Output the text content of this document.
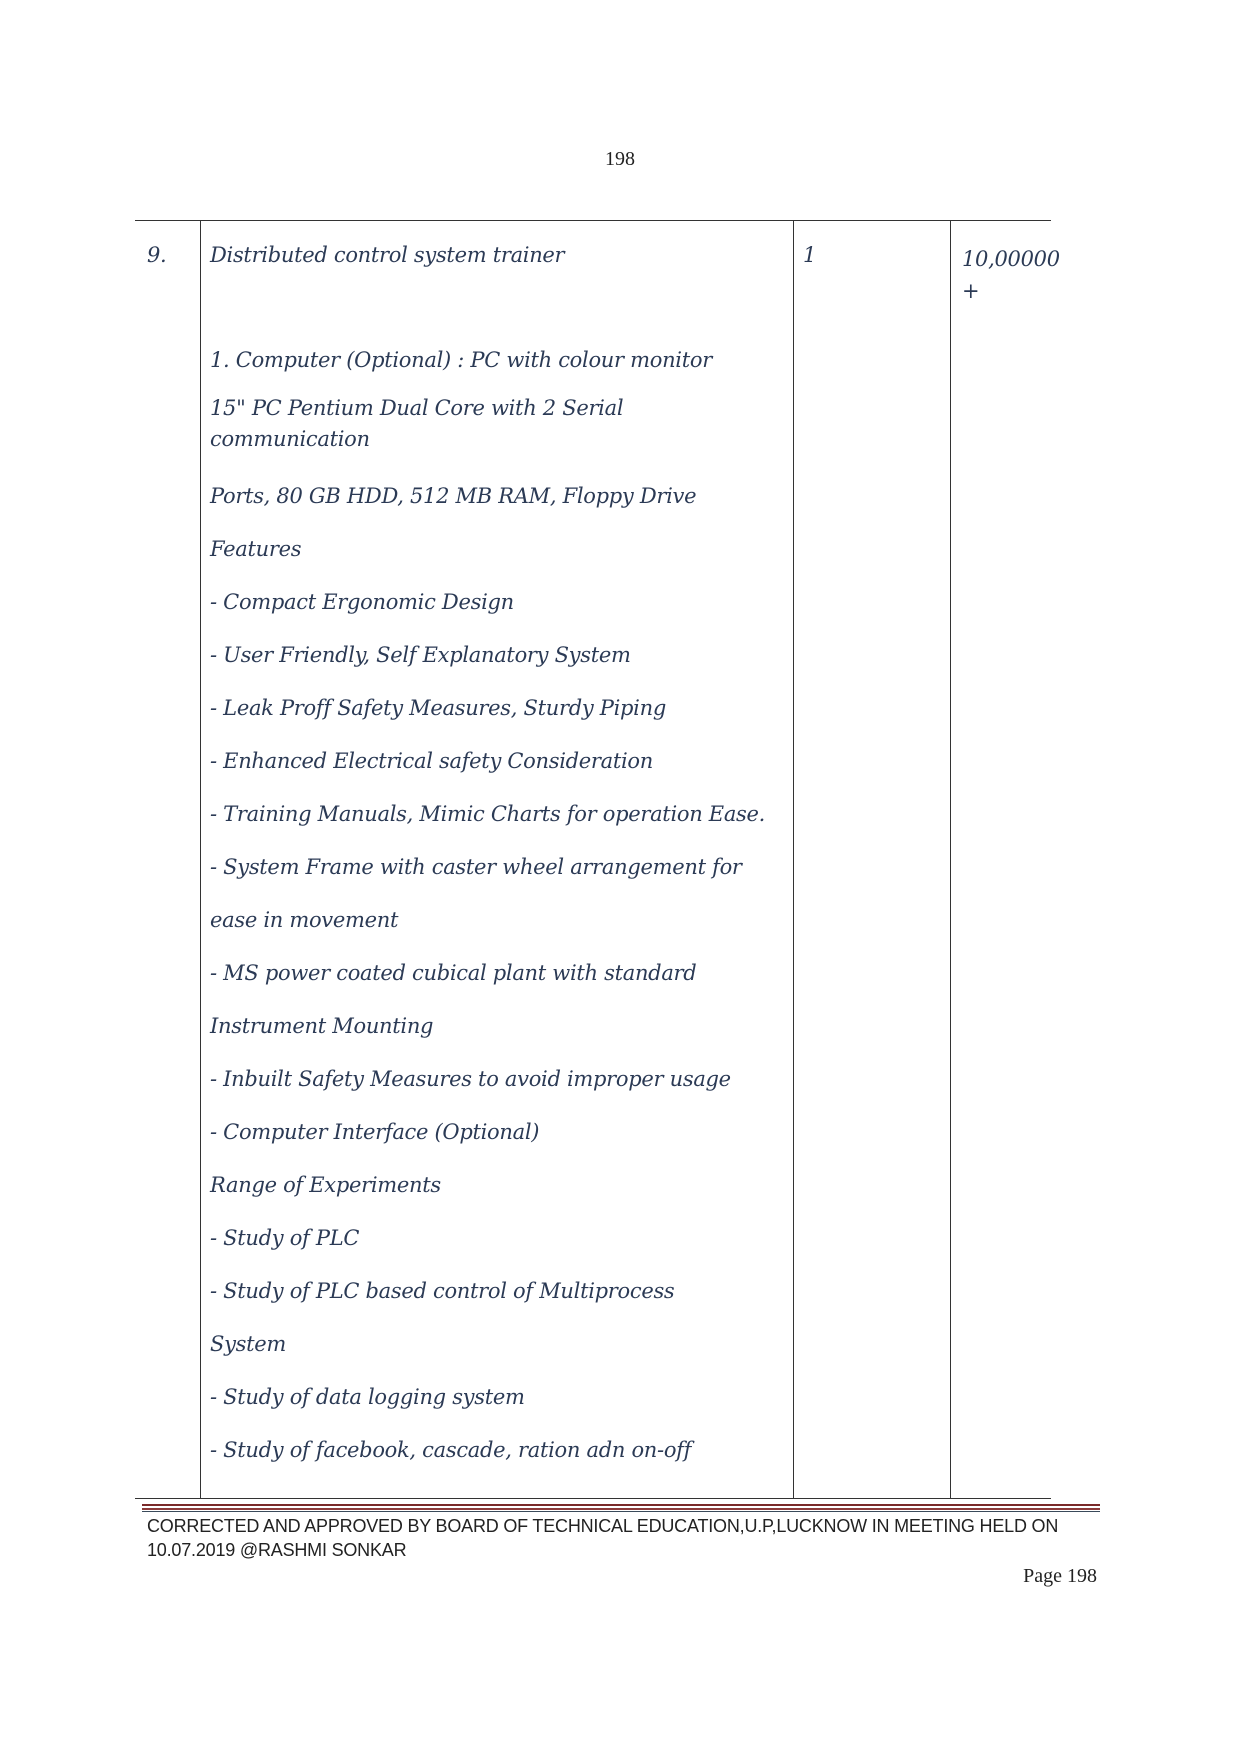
198
9. Distributed control system trainer
1. Computer (Optional) : PC with colour monitor
15" PC Pentium Dual Core with 2 Serial communication
Ports, 80 GB HDD, 512 MB RAM, Floppy Drive
Features
- Compact Ergonomic Design
- User Friendly, Self Explanatory System
- Leak Proff Safety Measures, Sturdy Piping
- Enhanced Electrical safety Consideration
- Training Manuals, Mimic Charts for operation Ease.
- System Frame with caster wheel arrangement for
ease in movement
- MS power coated cubical plant with standard
Instrument Mounting
- Inbuilt Safety Measures to avoid improper usage
- Computer Interface (Optional)
Range of Experiments
- Study of PLC
- Study of PLC based control of Multiprocess
System
- Study of data logging system
- Study of facebook, cascade, ration adn on-off
1	10,00000
+
CORRECTED AND APPROVED BY BOARD OF TECHNICAL EDUCATION,U.P,LUCKNOW IN MEETING HELD ON 10.07.2019 @RASHMI SONKAR
Page 198
